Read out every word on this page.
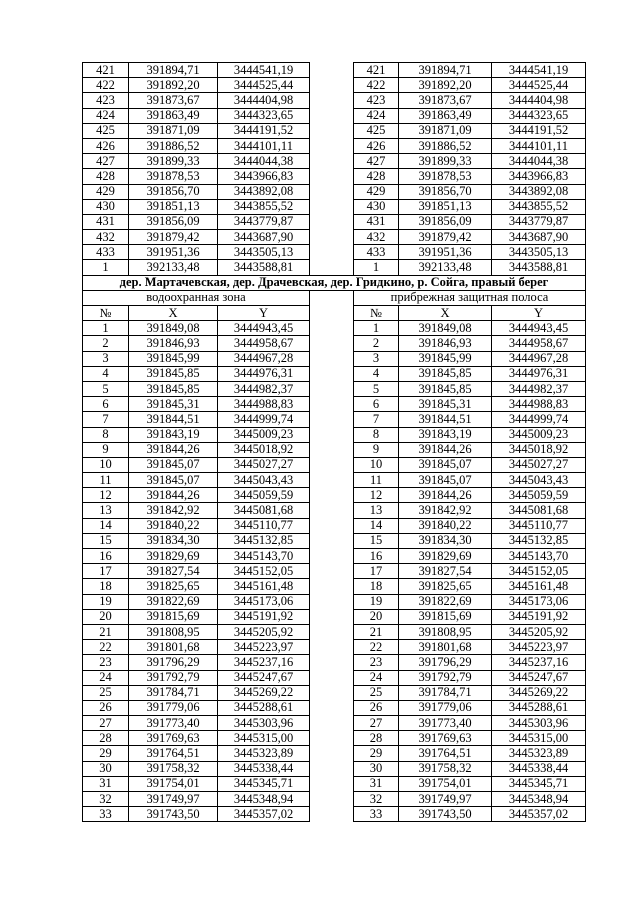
421	391894,71	3444541,19		421	391894,71	3444541,19
422	391892,20	3444525,44		422	391892,20	3444525,44
423	391873,67	3444404,98		423	391873,67	3444404,98
424	391863,49	3444323,65		424	391863,49	3444323,65
425	391871,09	3444191,52		425	391871,09	3444191,52
426	391886,52	3444101,11		426	391886,52	3444101,11
427	391899,33	3444044,38		427	391899,33	3444044,38
428	391878,53	3443966,83		428	391878,53	3443966,83
429	391856,70	3443892,08		429	391856,70	3443892,08
430	391851,13	3443855,52		430	391851,13	3443855,52
431	391856,09	3443779,87		431	391856,09	3443779,87
432	391879,42	3443687,90		432	391879,42	3443687,90
433	391951,36	3443505,13		433	391951,36	3443505,13
1	392133,48	3443588,81		1	392133,48	3443588,81
дер. Мартачевская, дер. Драчевская, дер. Гридкино, р. Сойга, правый берег						
водоохранная зона				прибрежная защитная полоса		
№	X	Y		№	X	Y
1	391849,08	3444943,45		1	391849,08	3444943,45
2	391846,93	3444958,67		2	391846,93	3444958,67
3	391845,99	3444967,28		3	391845,99	3444967,28
4	391845,85	3444976,31		4	391845,85	3444976,31
5	391845,85	3444982,37		5	391845,85	3444982,37
6	391845,31	3444988,83		6	391845,31	3444988,83
7	391844,51	3444999,74		7	391844,51	3444999,74
8	391843,19	3445009,23		8	391843,19	3445009,23
9	391844,26	3445018,92		9	391844,26	3445018,92
10	391845,07	3445027,27		10	391845,07	3445027,27
11	391845,07	3445043,43		11	391845,07	3445043,43
12	391844,26	3445059,59		12	391844,26	3445059,59
13	391842,92	3445081,68		13	391842,92	3445081,68
14	391840,22	3445110,77		14	391840,22	3445110,77
15	391834,30	3445132,85		15	391834,30	3445132,85
16	391829,69	3445143,70		16	391829,69	3445143,70
17	391827,54	3445152,05		17	391827,54	3445152,05
18	391825,65	3445161,48		18	391825,65	3445161,48
19	391822,69	3445173,06		19	391822,69	3445173,06
20	391815,69	3445191,92		20	391815,69	3445191,92
21	391808,95	3445205,92		21	391808,95	3445205,92
22	391801,68	3445223,97		22	391801,68	3445223,97
23	391796,29	3445237,16		23	391796,29	3445237,16
24	391792,79	3445247,67		24	391792,79	3445247,67
25	391784,71	3445269,22		25	391784,71	3445269,22
26	391779,06	3445288,61		26	391779,06	3445288,61
27	391773,40	3445303,96		27	391773,40	3445303,96
28	391769,63	3445315,00		28	391769,63	3445315,00
29	391764,51	3445323,89		29	391764,51	3445323,89
30	391758,32	3445338,44		30	391758,32	3445338,44
31	391754,01	3445345,71		31	391754,01	3445345,71
32	391749,97	3445348,94		32	391749,97	3445348,94
33	391743,50	3445357,02		33	391743,50	3445357,02
